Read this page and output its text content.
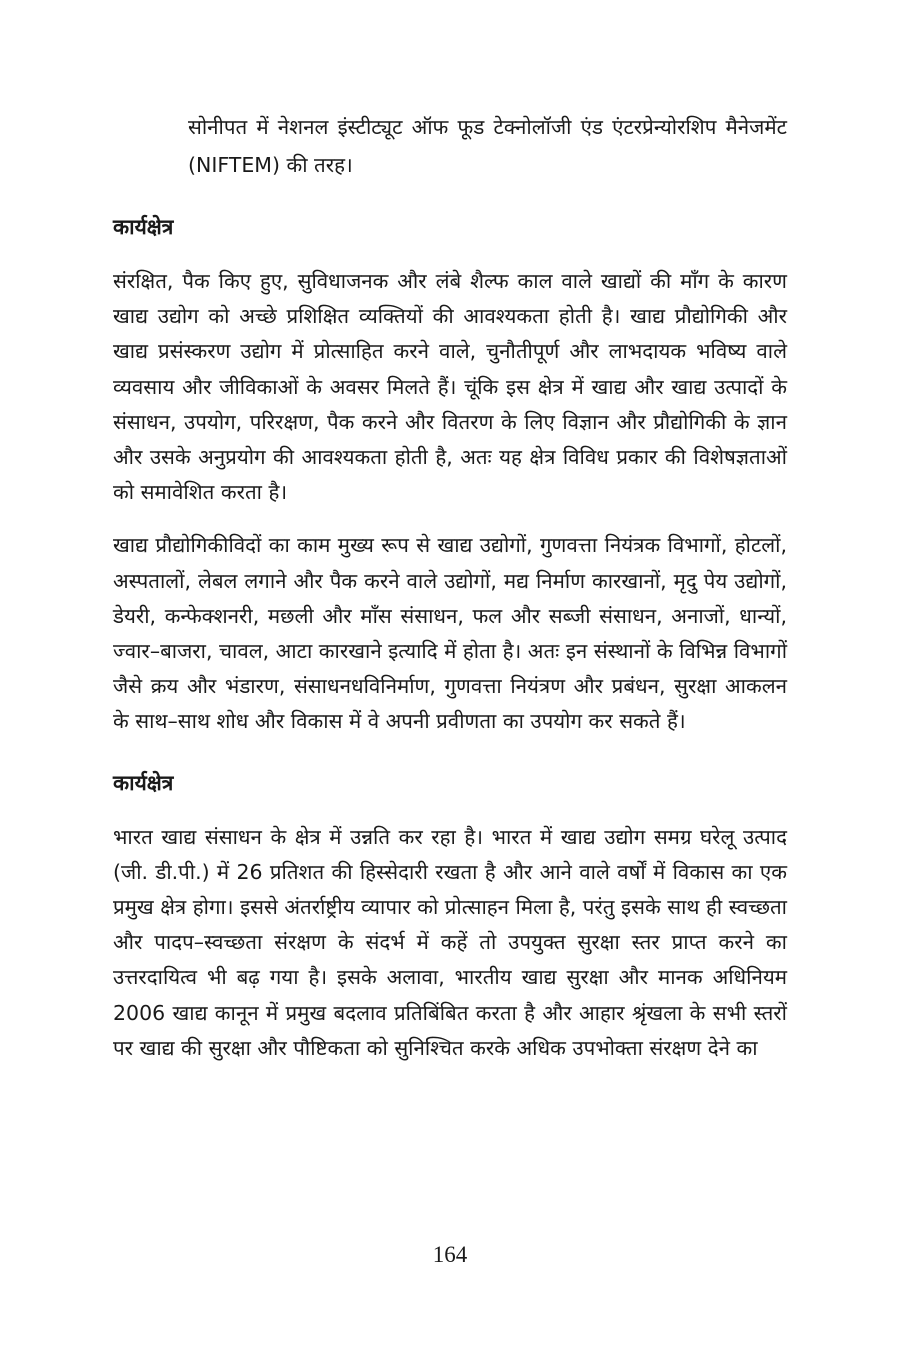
सोनीपत में नेशनल इंस्टीट्यूट ऑफ फूड टेक्नोलॉजी एंड एंटरप्रेन्योरशिप मैनेजमेंट (NIFTEM) की तरह।

कार्यक्षेत्र

संरक्षित, पैक किए हुए, सुविधाजनक और लंबे शैल्फ काल वाले खाद्यों की माँग के कारण खाद्य उद्योग को अच्छे प्रशिक्षित व्यक्तियों की आवश्यकता होती है। खाद्य प्रौद्योगिकी और खाद्य प्रसंस्करण उद्योग में प्रोत्साहित करने वाले, चुनौतीपूर्ण और लाभदायक भविष्य वाले व्यवसाय और जीविकाओं के अवसर मिलते हैं। चूंकि इस क्षेत्र में खाद्य और खाद्य उत्पादों के संसाधन, उपयोग, परिरक्षण, पैक करने और वितरण के लिए विज्ञान और प्रौद्योगिकी के ज्ञान और उसके अनुप्रयोग की आवश्यकता होती है, अतः यह क्षेत्र विविध प्रकार की विशेषज्ञताओं को समावेशित करता है।

खाद्य प्रौद्योगिकीविदों का काम मुख्य रूप से खाद्य उद्योगों, गुणवत्ता नियंत्रक विभागों, होटलों, अस्पतालों, लेबल लगाने और पैक करने वाले उद्योगों, मद्य निर्माण कारखानों, मृदु पेय उद्योगों, डेयरी, कन्फेक्शनरी, मछली और माँस संसाधन, फल और सब्जी संसाधन, अनाजों, धान्यों, ज्वार–बाजरा, चावल, आटा कारखाने इत्यादि में होता है। अतः इन संस्थानों के विभिन्न विभागों जैसे क्रय और भंडारण, संसाधनधविनिर्माण, गुणवत्ता नियंत्रण और प्रबंधन, सुरक्षा आकलन के साथ–साथ शोध और विकास में वे अपनी प्रवीणता का उपयोग कर सकते हैं।

कार्यक्षेत्र

भारत खाद्य संसाधन के क्षेत्र में उन्नति कर रहा है। भारत में खाद्य उद्योग समग्र घरेलू उत्पाद (जी. डी.पी.) में 26 प्रतिशत की हिस्सेदारी रखता है और आने वाले वर्षों में विकास का एक प्रमुख क्षेत्र होगा। इससे अंतर्राष्ट्रीय व्यापार को प्रोत्साहन मिला है, परंतु इसके साथ ही स्वच्छता और पादप–स्वच्छता संरक्षण के संदर्भ में कहें तो उपयुक्त सुरक्षा स्तर प्राप्त करने का उत्तरदायित्व भी बढ़ गया है। इसके अलावा, भारतीय खाद्य सुरक्षा और मानक अधिनियम 2006 खाद्य कानून में प्रमुख बदलाव प्रतिबिंबित करता है और आहार श्रृंखला के सभी स्तरों पर खाद्य की सुरक्षा और पौष्टिकता को सुनिश्चित करके अधिक उपभोक्ता संरक्षण देने का

164
